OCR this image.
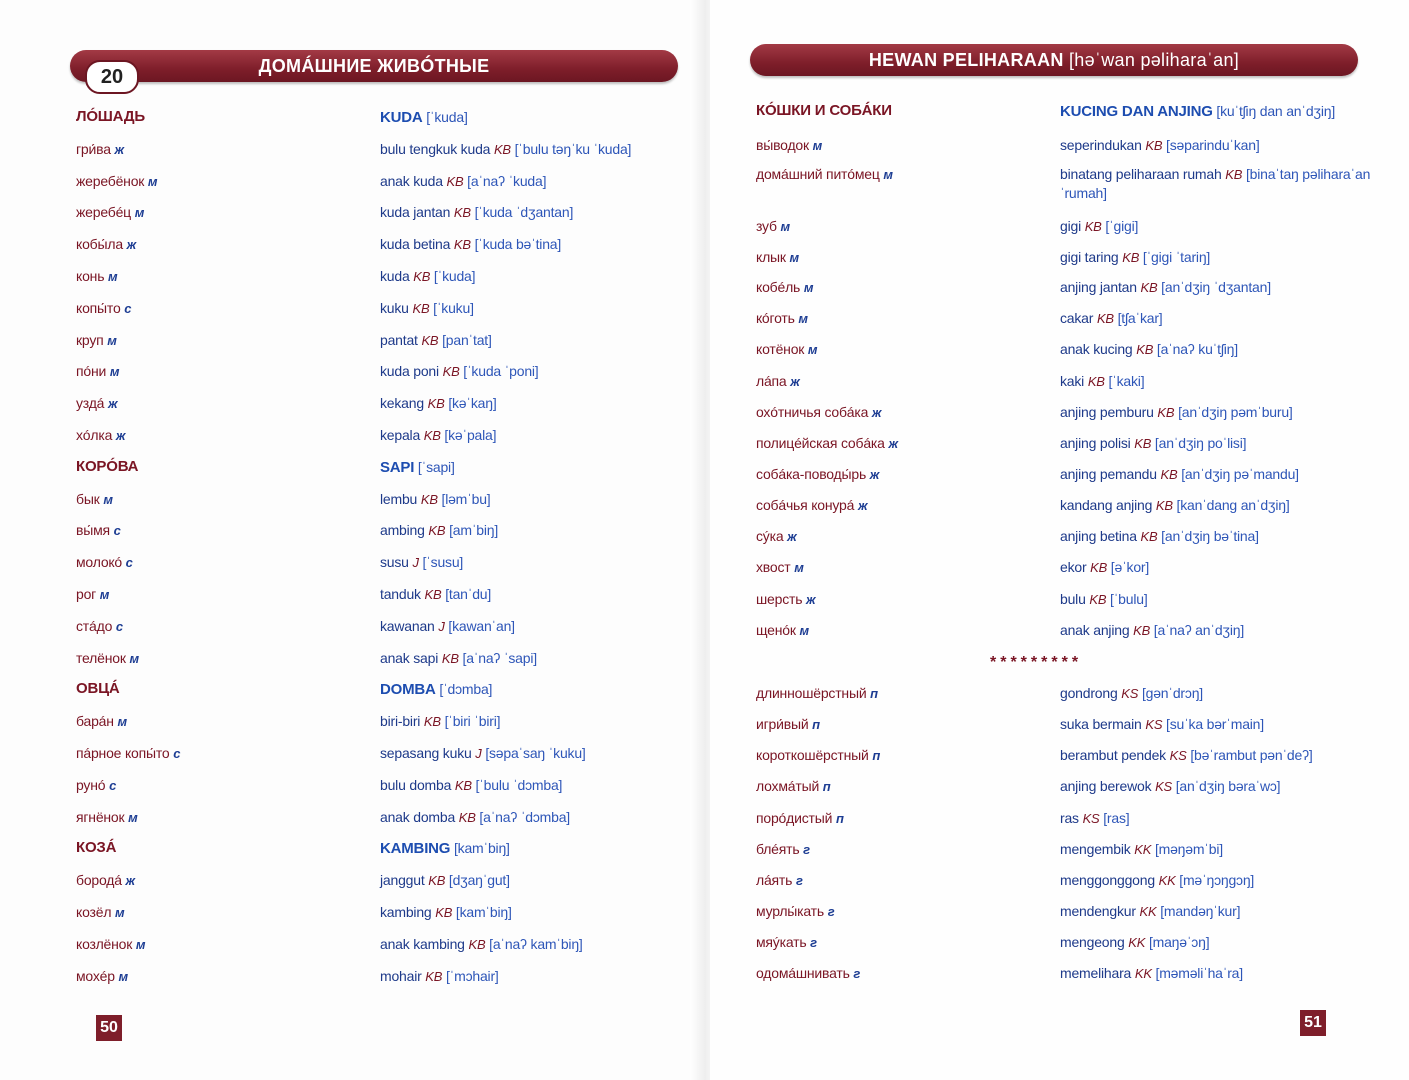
ДОМÁШНИЕ ЖИВÓТНЫЕ
20
ЛÓШАДЬ	KUDA [ˈkuda]
гри́ва ж	bulu tengkuk kuda KB [ˈbulu təŋˈku ˈkuda]
жеребёнок м	anak kuda KB [aˈnaʔ ˈkuda]
жеребéц м	kuda jantan KB [ˈkuda ˈdʒantan]
кобы́ла ж	kuda betina KB [ˈkuda bəˈtina]
конь м	kuda KB [ˈkuda]
копы́то с	kuku KB [ˈkuku]
круп м	pantat KB [panˈtat]
пóни м	kuda poni KB [ˈkuda ˈponi]
уздá ж	kekang KB [kəˈkaŋ]
хóлка ж	kepala KB [kəˈpala]
КОРÓВА	SAPI [ˈsapi]
бык м	lembu KB [ləmˈbu]
вы́мя с	ambing KB [amˈbiŋ]
молокó с	susu J [ˈsusu]
рог м	tanduk KB [tanˈdu]
стáдо с	kawanan J [kawanˈan]
телёнок м	anak sapi KB [aˈnaʔ ˈsapi]
ОВЦÁ	DOMBA [ˈdɔmba]
барáн м	biri-biri KB [ˈbiri ˈbiri]
пáрное копы́то с	sepasang kuku J [səpaˈsaŋ ˈkuku]
рунó с	bulu domba KB [ˈbulu ˈdɔmba]
ягнёнок м	anak domba KB [aˈnaʔ ˈdɔmba]
КОЗÁ	KAMBING [kamˈbiŋ]
бородá ж	janggut KB [dʒaŋˈgut]
козёл м	kambing KB [kamˈbiŋ]
козлёнок м	anak kambing KB [aˈnaʔ kamˈbiŋ]
мохéр м	mohair KB [ˈmɔhair]
50
HEWAN PELIHARAAN [həˈwan pəliharaˈan]
КÓШКИ И СОБÁКИ	KUCING DAN ANJING [kuˈtʃiŋ dan anˈdʒiŋ]
вы́водок м	seperindukan KB [səparinduˈkan]
домáшний питóмец м	binatang peliharaan rumah KB [binaˈtaŋ pəliharaˈan
ˈrumah]
зуб м	gigi KB [ˈgigi]
клык м	gigi taring KB [ˈgigi ˈtariŋ]
кобéль м	anjing jantan KB [anˈdʒiŋ ˈdʒantan]
кóготь м	cakar KB [tʃaˈkar]
котёнок м	anak kucing KB [aˈnaʔ kuˈtʃiŋ]
лáпа ж	kaki KB [ˈkaki]
охóтничья собáка ж	anjing pemburu KB [anˈdʒiŋ pəmˈburu]
полицéйская собáка ж	anjing polisi KB [anˈdʒiŋ poˈlisi]
собáка-поводы́рь ж	anjing pemandu KB [anˈdʒiŋ pəˈmandu]
собáчья конурá ж	kandang anjing KB [kanˈdang anˈdʒiŋ]
сýка ж	anjing betina KB [anˈdʒiŋ bəˈtina]
хвост м	ekor KB [əˈkor]
шерсть ж	bulu KB [ˈbulu]
щенóк м	anak anjing KB [aˈnaʔ anˈdʒiŋ]
длинношёрстный п	gondrong KS [gənˈdrɔŋ]
игри́вый п	suka bermain KS [suˈka bərˈmain]
короткошёрстный п	berambut pendek KS [bəˈrambut pənˈdeʔ]
лохмáтый п	anjing berewok KS [anˈdʒiŋ bəraˈwɔ]
порóдистый п	ras KS [ras]
блéять г	mengembik KK [məŋəmˈbi]
лáять г	menggonggong KK [məˈŋɔŋgɔŋ]
мурлы́кать г	mendengkur KK [mandəŋˈkur]
мяýкать г	mengeong KK [maŋəˈɔŋ]
одомáшнивать г	memelihara KK [məməliˈhaˈra]
*********
51
